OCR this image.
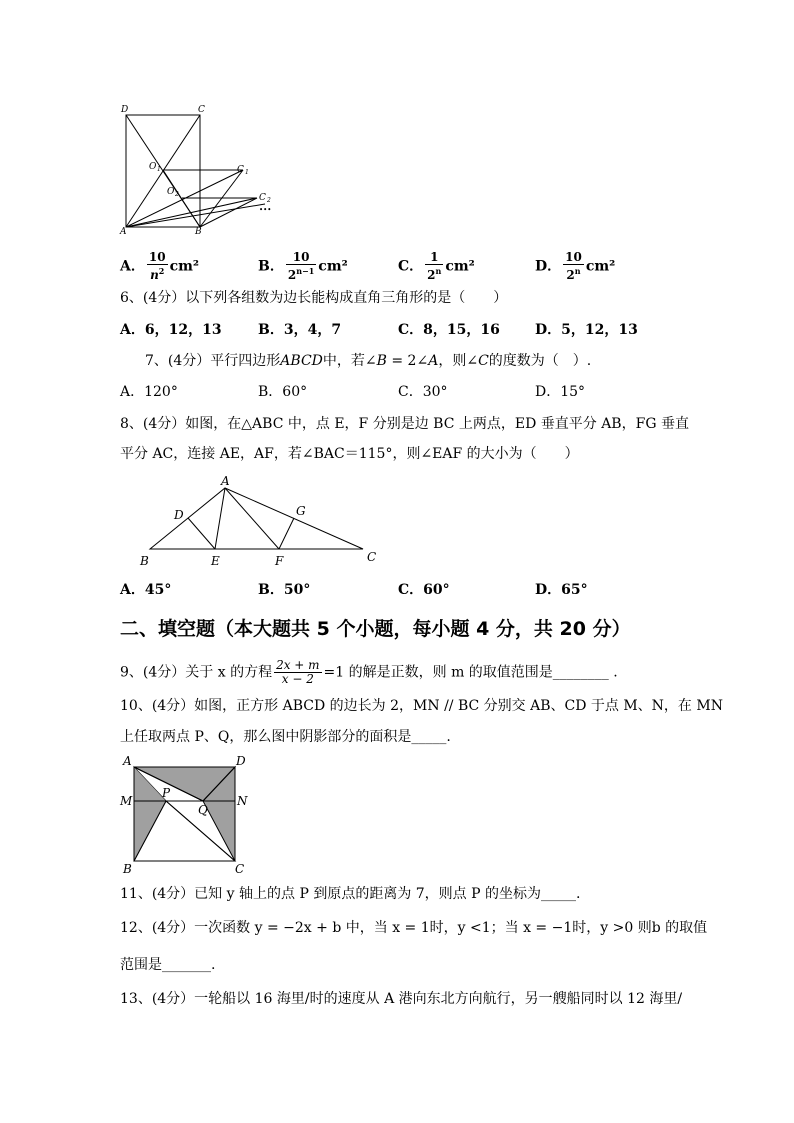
D	C
O 1
O 2
C 1
C 2
•••
A	B
A． $\frac{10}{n^2} cm^2$	B． $\frac{10}{2^{n-1}} cm^2$	C． $\frac{1}{2^n} cm^2$	D． $\frac{10}{2^n} cm^2$
6、(4分）以下列各组数为边长能构成直角三角形的是（　　）
A．6，12，13	B．3，4，7	C．8，15，16	D．5，12，13
7、(4分）平行四边形ABCD中，若∠B = 2∠A，则∠C的度数为（　）.
A．120°	B．60°	C．30°	D．15°
8、(4分）如图，在△ABC 中，点 E，F 分别是边 BC 上两点，ED 垂直平分 AB，FG 垂直
平分 AC，连接 AE，AF，若∠BAC＝115°，则∠EAF 的大小为（　　）
A
B	C
D
E	F
G
A．45°	B．50°	C．60°	D．65°
二、填空题（本大题共 5 个小题，每小题 4 分，共 20 分）
9、(4分）关于 x 的方程 $\frac{2x + m}{x - 2} =1$ 的解是正数，则 m 的取值范围是________ .
10、(4分）如图，正方形 ABCD 的边长为 2，MN // BC 分别交 AB、CD 于点 M、N，在 MN
上任取两点 P、Q，那么图中阴影部分的面积是_____.
A
B	C
D
M	N
P
Q
11、(4分）已知 y 轴上的点 P 到原点的距离为 7，则点 P 的坐标为_____.
12、(4分）一次函数 y = −2x + b 中，当 x = 1时，y <1；当 x = −1时，y >0 则b 的取值
范围是_______.
13、(4分）一轮船以 16 海里/时的速度从 A 港向东北方向航行，另一艘船同时以 12 海里/
